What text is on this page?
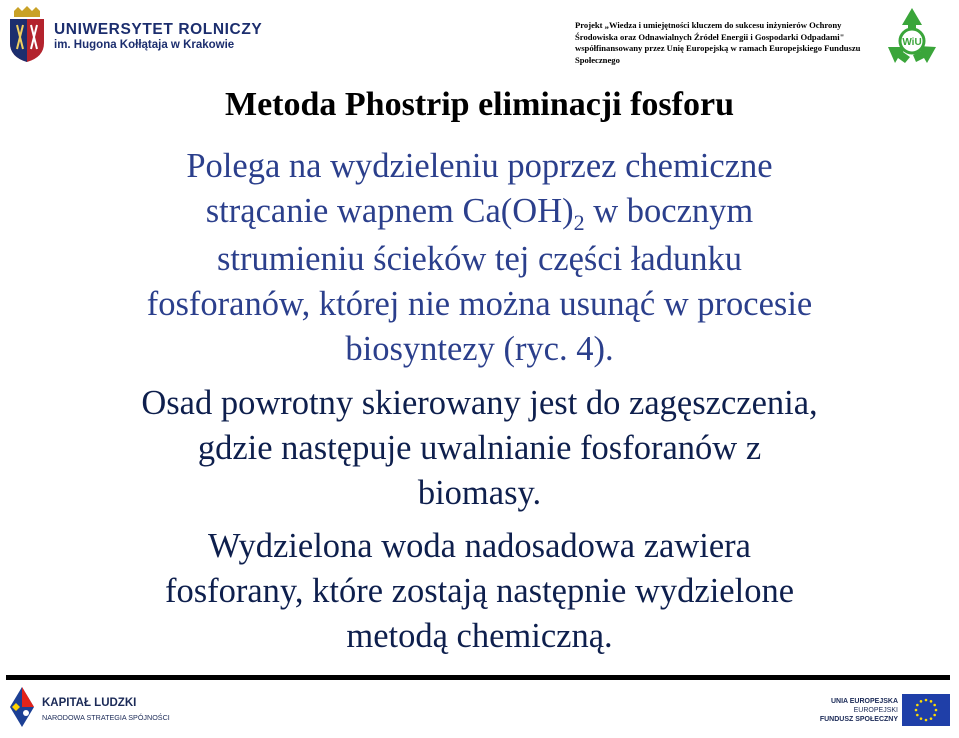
UNIWERSYTET ROLNICZY
im. Hugona Kołłątaja w Krakowie
Projekt „Wiedza i umiejętności kluczem do sukcesu inżynierów Ochrony
Środowiska oraz Odnawialnych Źródeł Energii i Gospodarki Odpadami"
współfinansowany przez Unię Europejską w ramach Europejskiego Funduszu
Społecznego
WiU
Metoda Phostrip eliminacji fosforu
Polega na wydzieleniu poprzez chemiczne
strącanie wapnem $Ca(OH)_2$ w bocznym
strumieniu ścieków tej części ładunku
fosforanów, której nie można usunąć w procesie
biosyntezy (ryc. 4).
Osad powrotny skierowany jest do zagęszczenia,
gdzie następuje uwalnianie fosforanów z
biomasy.
Wydzielona woda nadosadowa zawiera
fosforany, które zostają następnie wydzielone
metodą chemiczną.
KAPITAŁ LUDZKI
NARODOWA STRATEGIA SPÓJNOŚCI
UNIA EUROPEJSKA
EUROPEJSKI
FUNDUSZ SPOŁECZNY
